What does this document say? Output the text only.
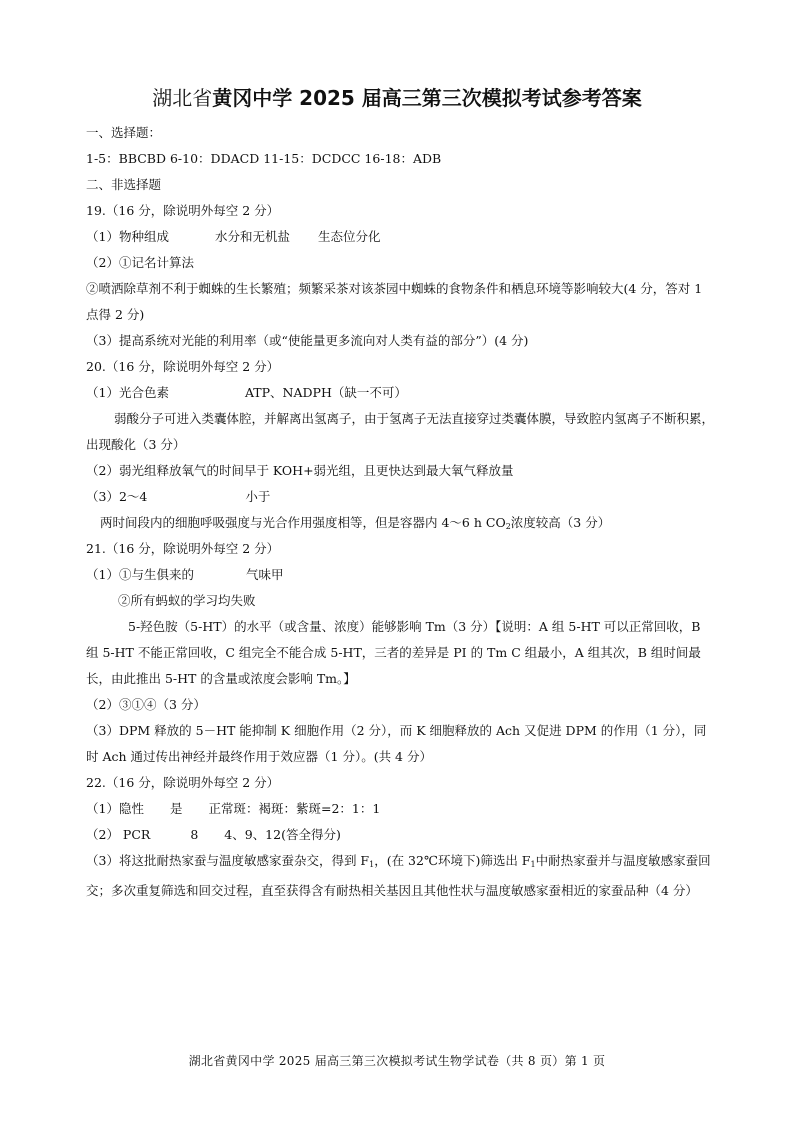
湖北省黄冈中学 2025 届高三第三次模拟考试参考答案
一、选择题：
1-5：BBCBD 6-10：DDACD 11-15：DCDCC 16-18：ADB
二、非选择题
19.（16 分，除说明外每空 2 分）
（1）物种组成	水分和无机盐 生态位分化
（2）①记名计算法
②喷洒除草剂不利于蜘蛛的生长繁殖；频繁采茶对该茶园中蜘蛛的食物条件和栖息环境等影响较大(4 分，答对 1 点得 2 分)
（3）提高系统对光能的利用率（或“使能量更多流向对人类有益的部分”）(4 分)
20.（16 分，除说明外每空 2 分）
（1）光合色素	ATP、NADPH（缺一不可）
弱酸分子可进入类囊体腔，并解离出氢离子，由于氢离子无法直接穿过类囊体膜，导致腔内氢离子不断积累，出现酸化（3 分）
（2）弱光组释放氧气的时间早于 KOH+弱光组，且更快达到最大氧气释放量
（3）2～4	小于
两时间段内的细胞呼吸强度与光合作用强度相等，但是容器内 4～6 h $CO_2$浓度较高（3 分）
21.（16 分，除说明外每空 2 分）
（1）①与生俱来的	气味甲
②所有蚂蚁的学习均失败
5-羟色胺（5-HT）的水平（或含量、浓度）能够影响 Tm（3 分）【说明：A 组 5-HT 可以正常回收，B 组 5-HT 不能正常回收，C 组完全不能合成 5-HT，三者的差异是 PI 的 Tm C 组最小，A 组其次，B 组时间最长，由此推出 5-HT 的含量或浓度会影响 Tm。】
（2）③①④（3 分）
（3）DPM 释放的 5－HT 能抑制 K 细胞作用（2 分），而 K 细胞释放的 Ach 又促进 DPM 的作用（1 分），同时 Ach 通过传出神经并最终作用于效应器（1 分）。(共 4 分）
22.（16 分，除说明外每空 2 分）
（1）隐性 是 正常斑：褐斑：紫斑=2：1：1
（2） PCR	8 4、9、12(答全得分)
（3）将这批耐热家蚕与温度敏感家蚕杂交，得到 $F_1$，(在 32℃环境下)筛选出 $F_1$中耐热家蚕并与温度敏感家蚕回交；多次重复筛选和回交过程，直至获得含有耐热相关基因且其他性状与温度敏感家蚕相近的家蚕品种（4 分）
湖北省黄冈中学 2025 届高三第三次模拟考试生物学试卷（共 8 页）第 1 页
